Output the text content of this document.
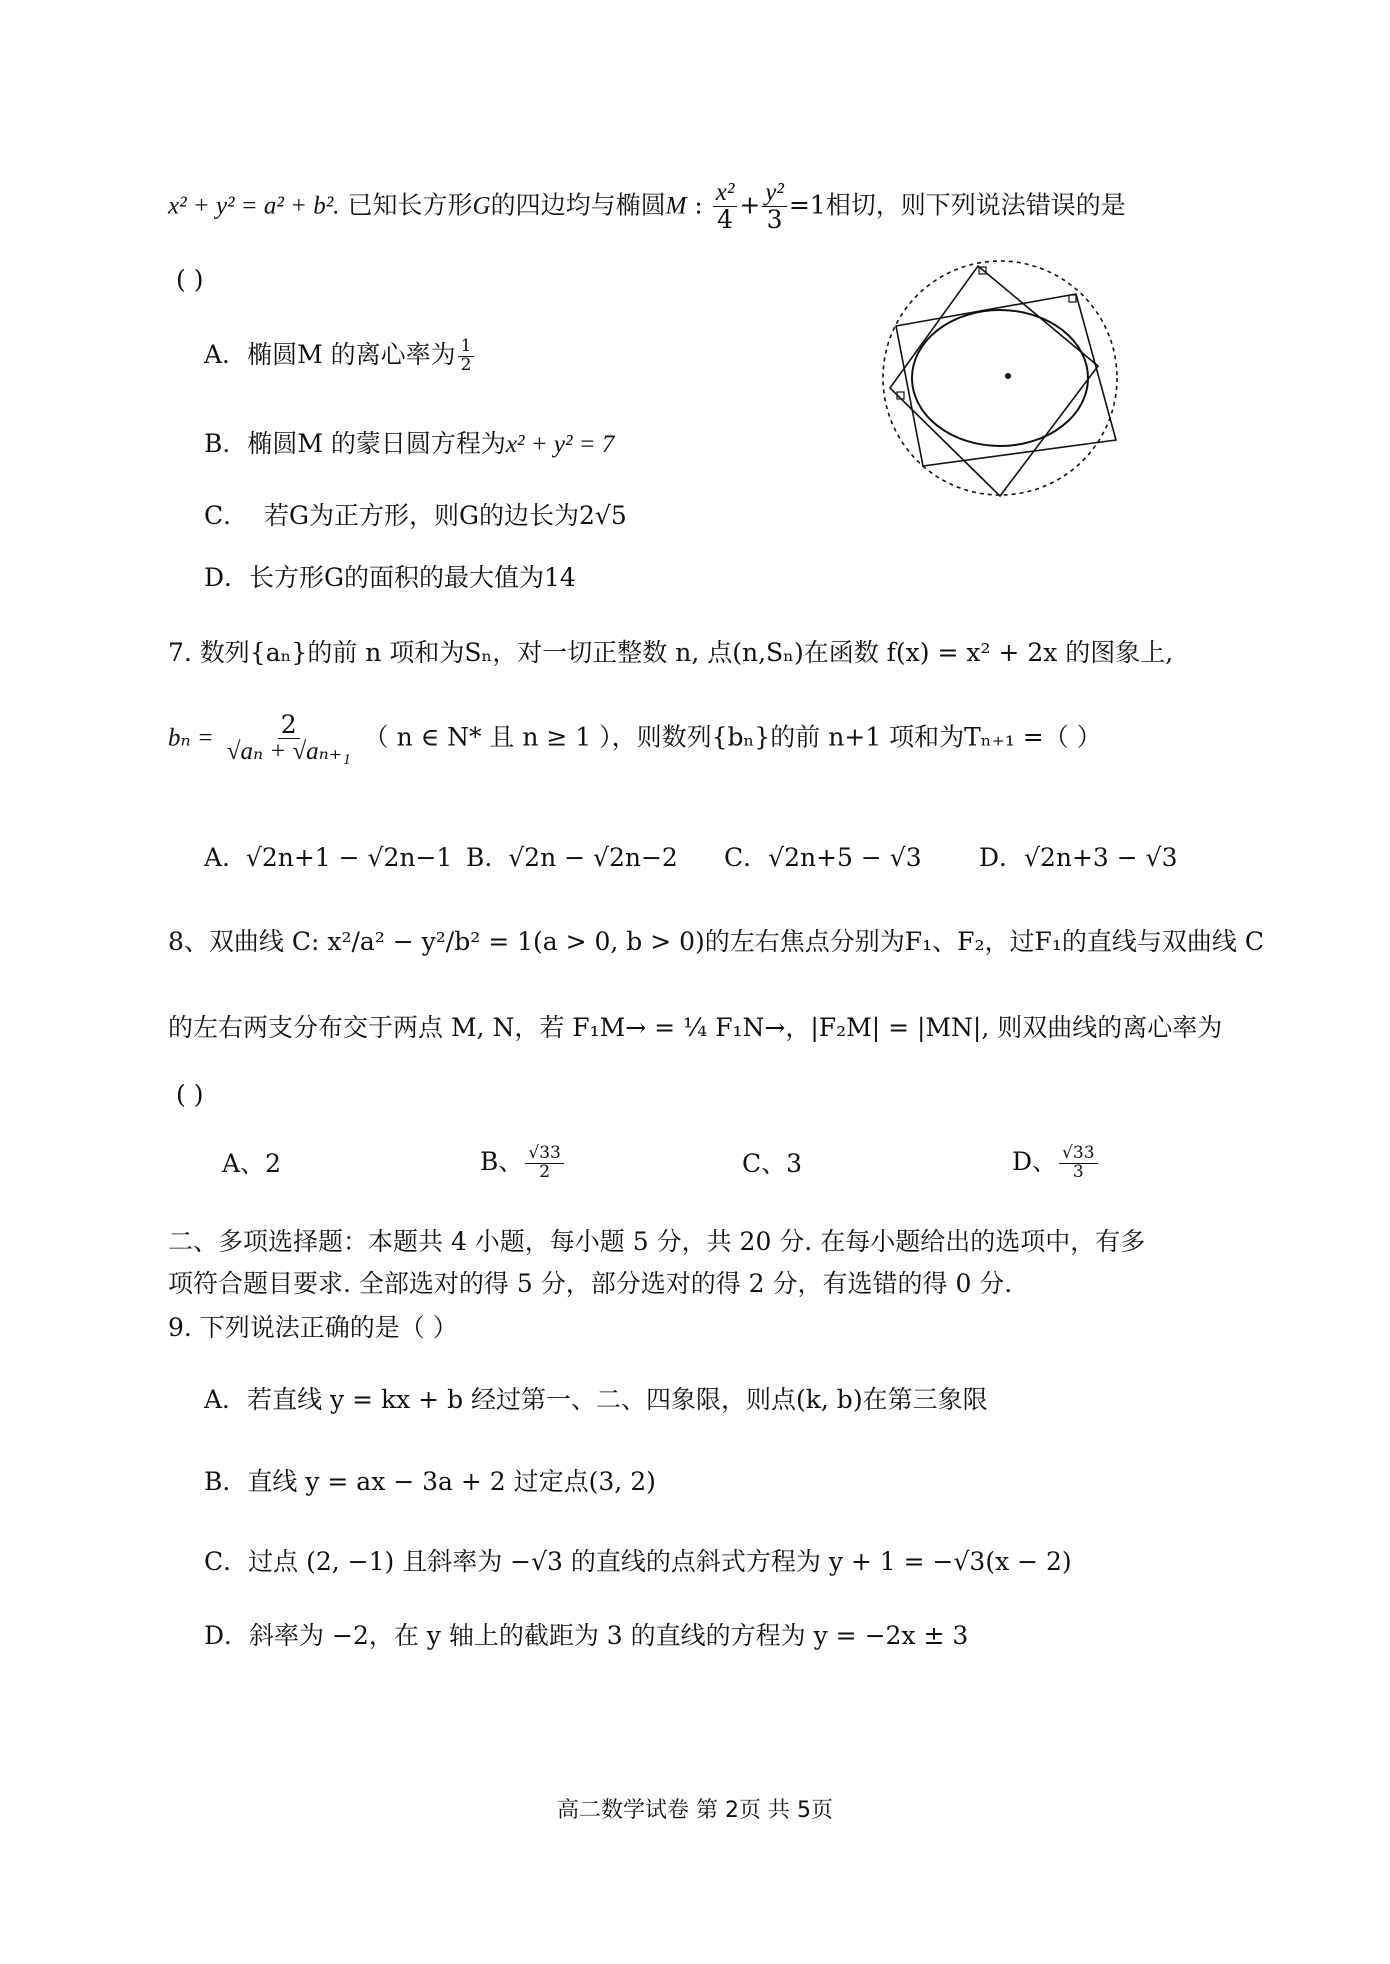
x² + y² = a² + b². 已知长方形G的四边均与椭圆M : $\frac{\text{x²}}{4} + \frac{\text{y²}}{3} =1$相切，则下列说法错误的是
( )
A．椭圆M 的离心率为 $\frac{1}{2}$
B．椭圆M 的蒙日圆方程为x² + y² = 7
C． 若G为正方形，则G的边长为2√5
D．长方形G的面积的最大值为14
7. 数列{aₙ}的前 n 项和为Sₙ，对一切正整数 n, 点(n,Sₙ)在函数 f(x) = x² + 2x 的图象上,
$b_n = \frac{2}{\text{√aₙ + √aₙ₊₁}}$ （ n ∈ N* 且 n ≥ 1 ），则数列{bₙ}的前 n+1 项和为Tₙ₊₁ =（ ）
A. √2n+1 − √2n−1 B. √2n − √2n−2 C．√2n+5 − √3 D．√2n+3 − √3
8、双曲线 C: x²/a² − y²/b² = 1(a > 0, b > 0)的左右焦点分别为F₁、F₂，过F₁的直线与双曲线 C
的左右两支分布交于两点 M, N，若 F₁M→ = ¼ F₁N→，|F₂M| = |MN|, 则双曲线的离心率为
( )
A、2	B、 $\frac{√33}{2}$	C、3	D、 $\frac{√33}{3}$
二、多项选择题：本题共 4 小题，每小题 5 分，共 20 分. 在每小题给出的选项中，有多
项符合题目要求. 全部选对的得 5 分，部分选对的得 2 分，有选错的得 0 分.
9. 下列说法正确的是（ ）
A．若直线 y = kx + b 经过第一、二、四象限，则点(k, b)在第三象限
B．直线 y = ax − 3a + 2 过定点(3, 2)
C．过点 (2, −1) 且斜率为 −√3 的直线的点斜式方程为 y + 1 = −√3(x − 2)
D．斜率为 −2，在 y 轴上的截距为 3 的直线的方程为 y = −2x ± 3
高二数学试卷 第 2页 共 5页
